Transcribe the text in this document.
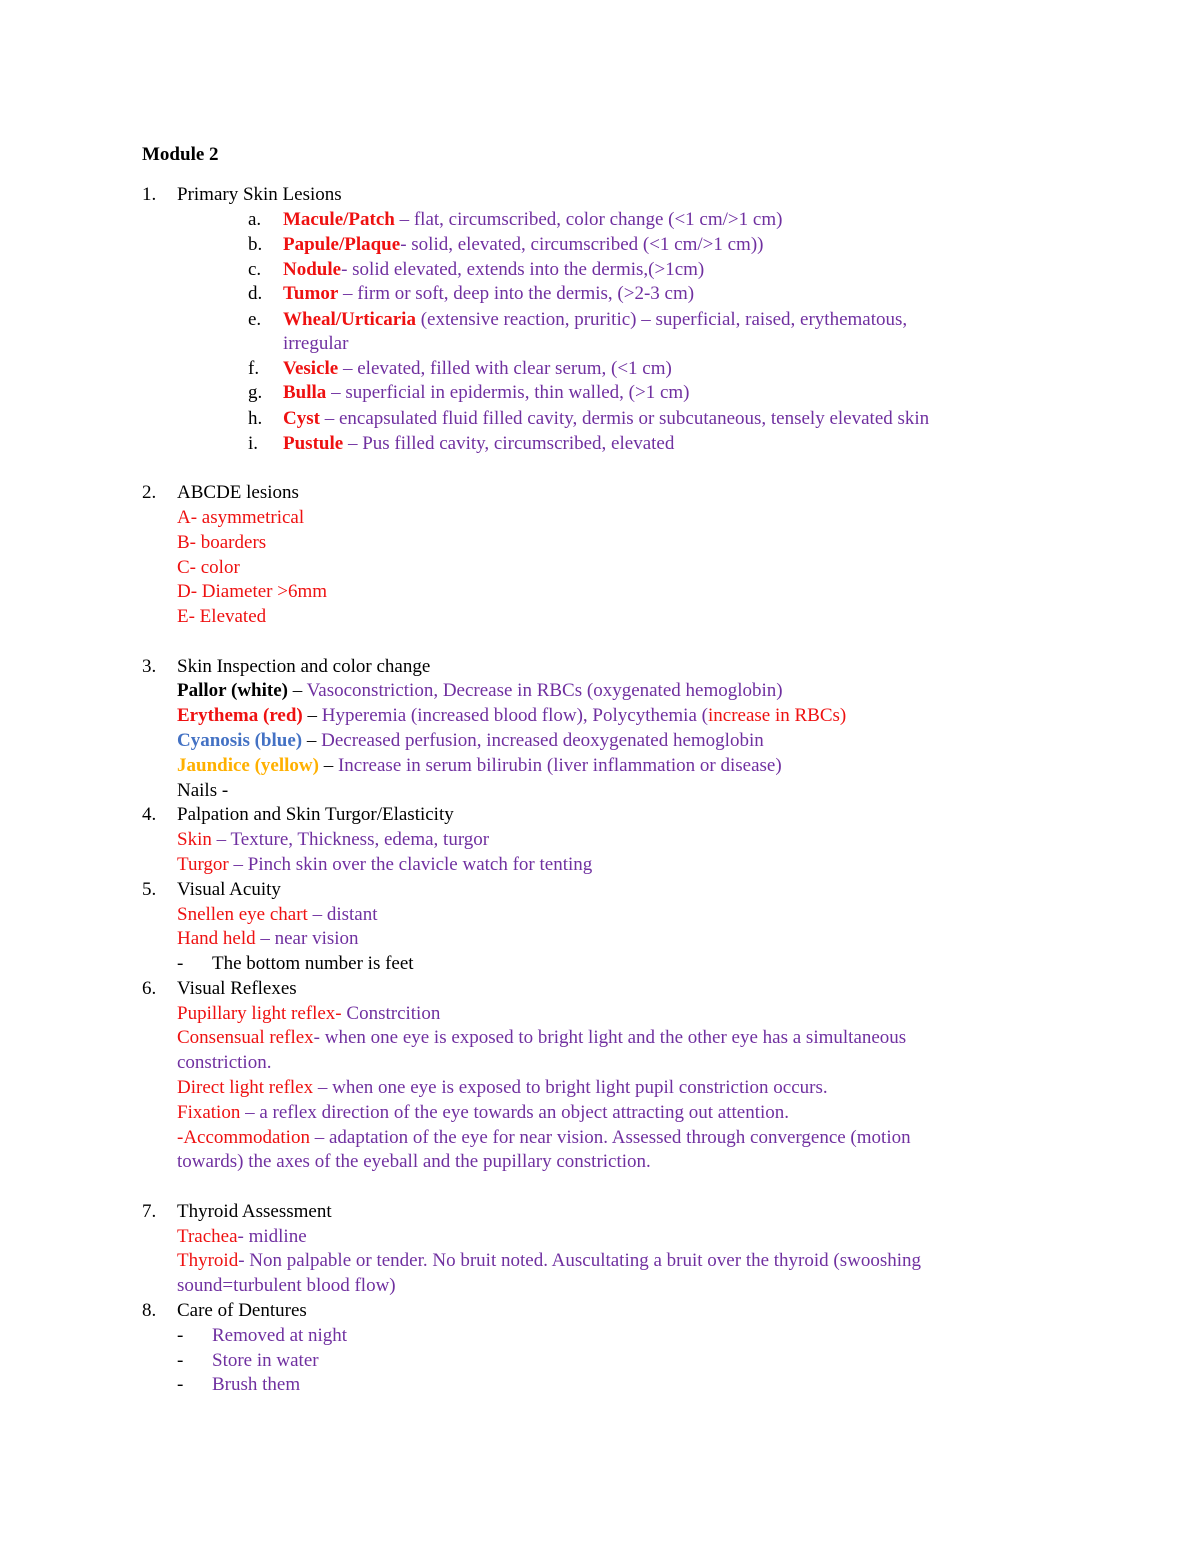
Module 2
1. Primary Skin Lesions
a. Macule/Patch – flat, circumscribed, color change (<1 cm/>1 cm)
b. Papule/Plaque- solid, elevated, circumscribed (<1 cm/>1 cm))
c. Nodule- solid elevated, extends into the dermis,(>1cm)
d. Tumor – firm or soft, deep into the dermis, (>2-3 cm)
e. Wheal/Urticaria (extensive reaction, pruritic) – superficial, raised, erythematous,
irregular
f. Vesicle – elevated, filled with clear serum, (<1 cm)
g. Bulla – superficial in epidermis, thin walled, (>1 cm)
h. Cyst – encapsulated fluid filled cavity, dermis or subcutaneous, tensely elevated skin
i. Pustule – Pus filled cavity, circumscribed, elevated
2. ABCDE lesions
A- asymmetrical
B- boarders
C- color
D- Diameter >6mm
E- Elevated
3. Skin Inspection and color change
Pallor (white) – Vasoconstriction, Decrease in RBCs (oxygenated hemoglobin)
Erythema (red) – Hyperemia (increased blood flow), Polycythemia (increase in RBCs)
Cyanosis (blue) – Decreased perfusion, increased deoxygenated hemoglobin
Jaundice (yellow) – Increase in serum bilirubin (liver inflammation or disease)
Nails -
4. Palpation and Skin Turgor/Elasticity
Skin – Texture, Thickness, edema, turgor
Turgor – Pinch skin over the clavicle watch for tenting
5. Visual Acuity
Snellen eye chart – distant
Hand held – near vision
- The bottom number is feet
6. Visual Reflexes
Pupillary light reflex- Constrcition
Consensual reflex- when one eye is exposed to bright light and the other eye has a simultaneous
constriction.
Direct light reflex – when one eye is exposed to bright light pupil constriction occurs.
Fixation – a reflex direction of the eye towards an object attracting out attention.
-Accommodation – adaptation of the eye for near vision. Assessed through convergence (motion
towards) the axes of the eyeball and the pupillary constriction.
7. Thyroid Assessment
Trachea- midline
Thyroid- Non palpable or tender. No bruit noted. Auscultating a bruit over the thyroid (swooshing
sound=turbulent blood flow)
8. Care of Dentures
- Removed at night
- Store in water
- Brush them
